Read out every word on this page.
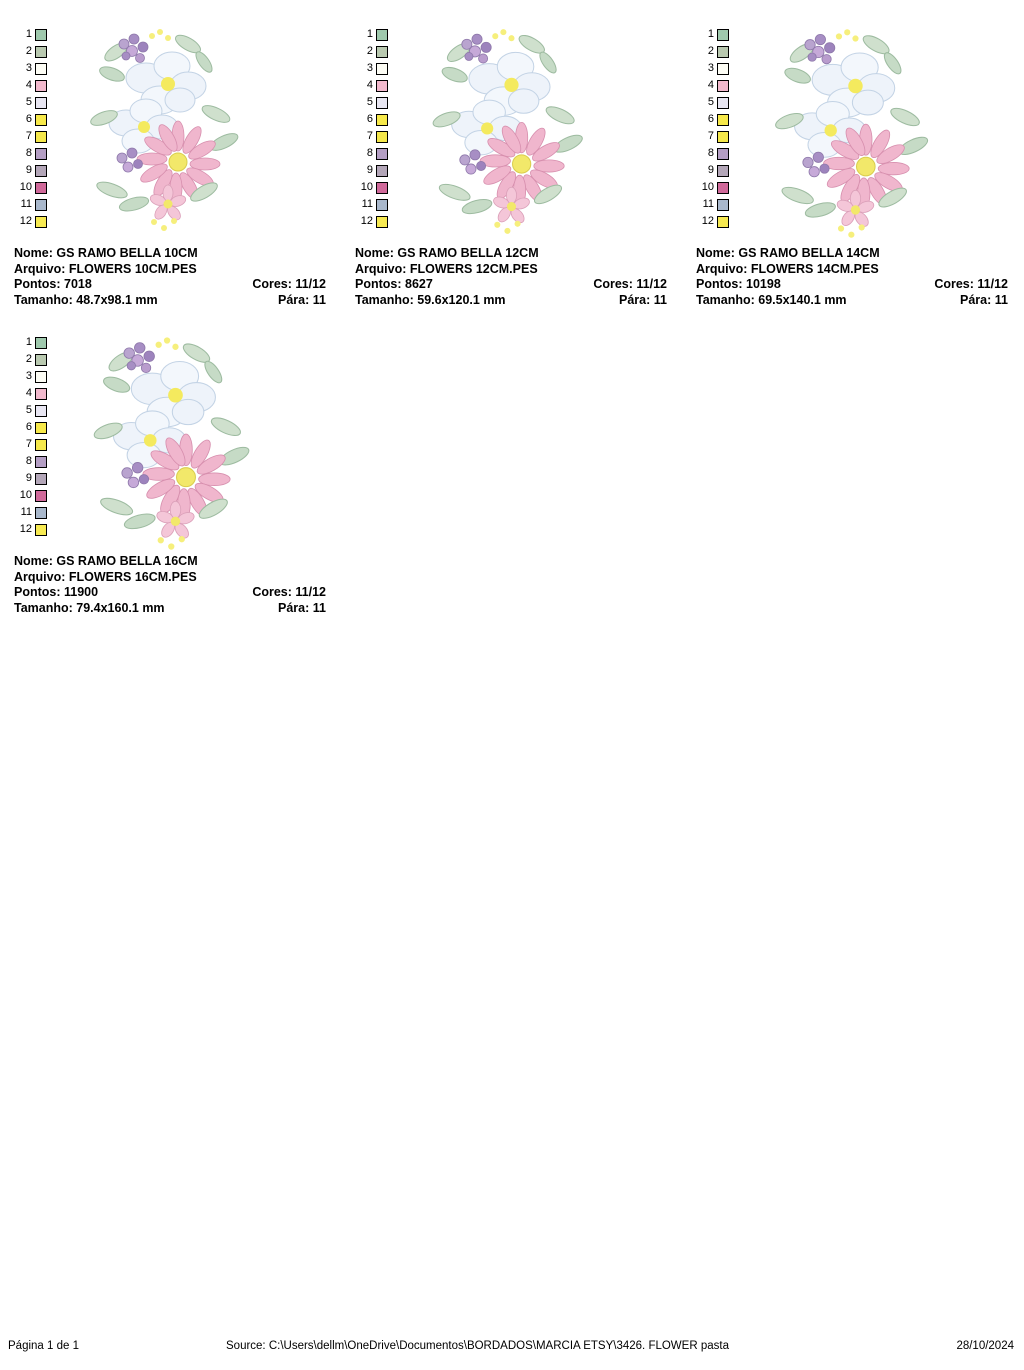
1
2
3
4
5
6
7
8
9
10
11
12
Nome: GS RAMO BELLA 10CM
Arquivo: FLOWERS 10CM.PES
Pontos: 7018	Cores: 11/12
Tamanho: 48.7x98.1 mm	Pára: 11
1
2
3
4
5
6
7
8
9
10
11
12
Nome: GS RAMO BELLA 12CM
Arquivo: FLOWERS 12CM.PES
Pontos: 8627	Cores: 11/12
Tamanho: 59.6x120.1 mm	Pára: 11
1
2
3
4
5
6
7
8
9
10
11
12
Nome: GS RAMO BELLA 14CM
Arquivo: FLOWERS 14CM.PES
Pontos: 10198	Cores: 11/12
Tamanho: 69.5x140.1 mm	Pára: 11
1
2
3
4
5
6
7
8
9
10
11
12
Nome: GS RAMO BELLA 16CM
Arquivo: FLOWERS 16CM.PES
Pontos: 11900	Cores: 11/12
Tamanho: 79.4x160.1 mm	Pára: 11
Página 1 de 1	Source: C:\Users\dellm\OneDrive\Documentos\BORDADOS\MARCIA ETSY\3426. FLOWER pasta	28/10/2024
